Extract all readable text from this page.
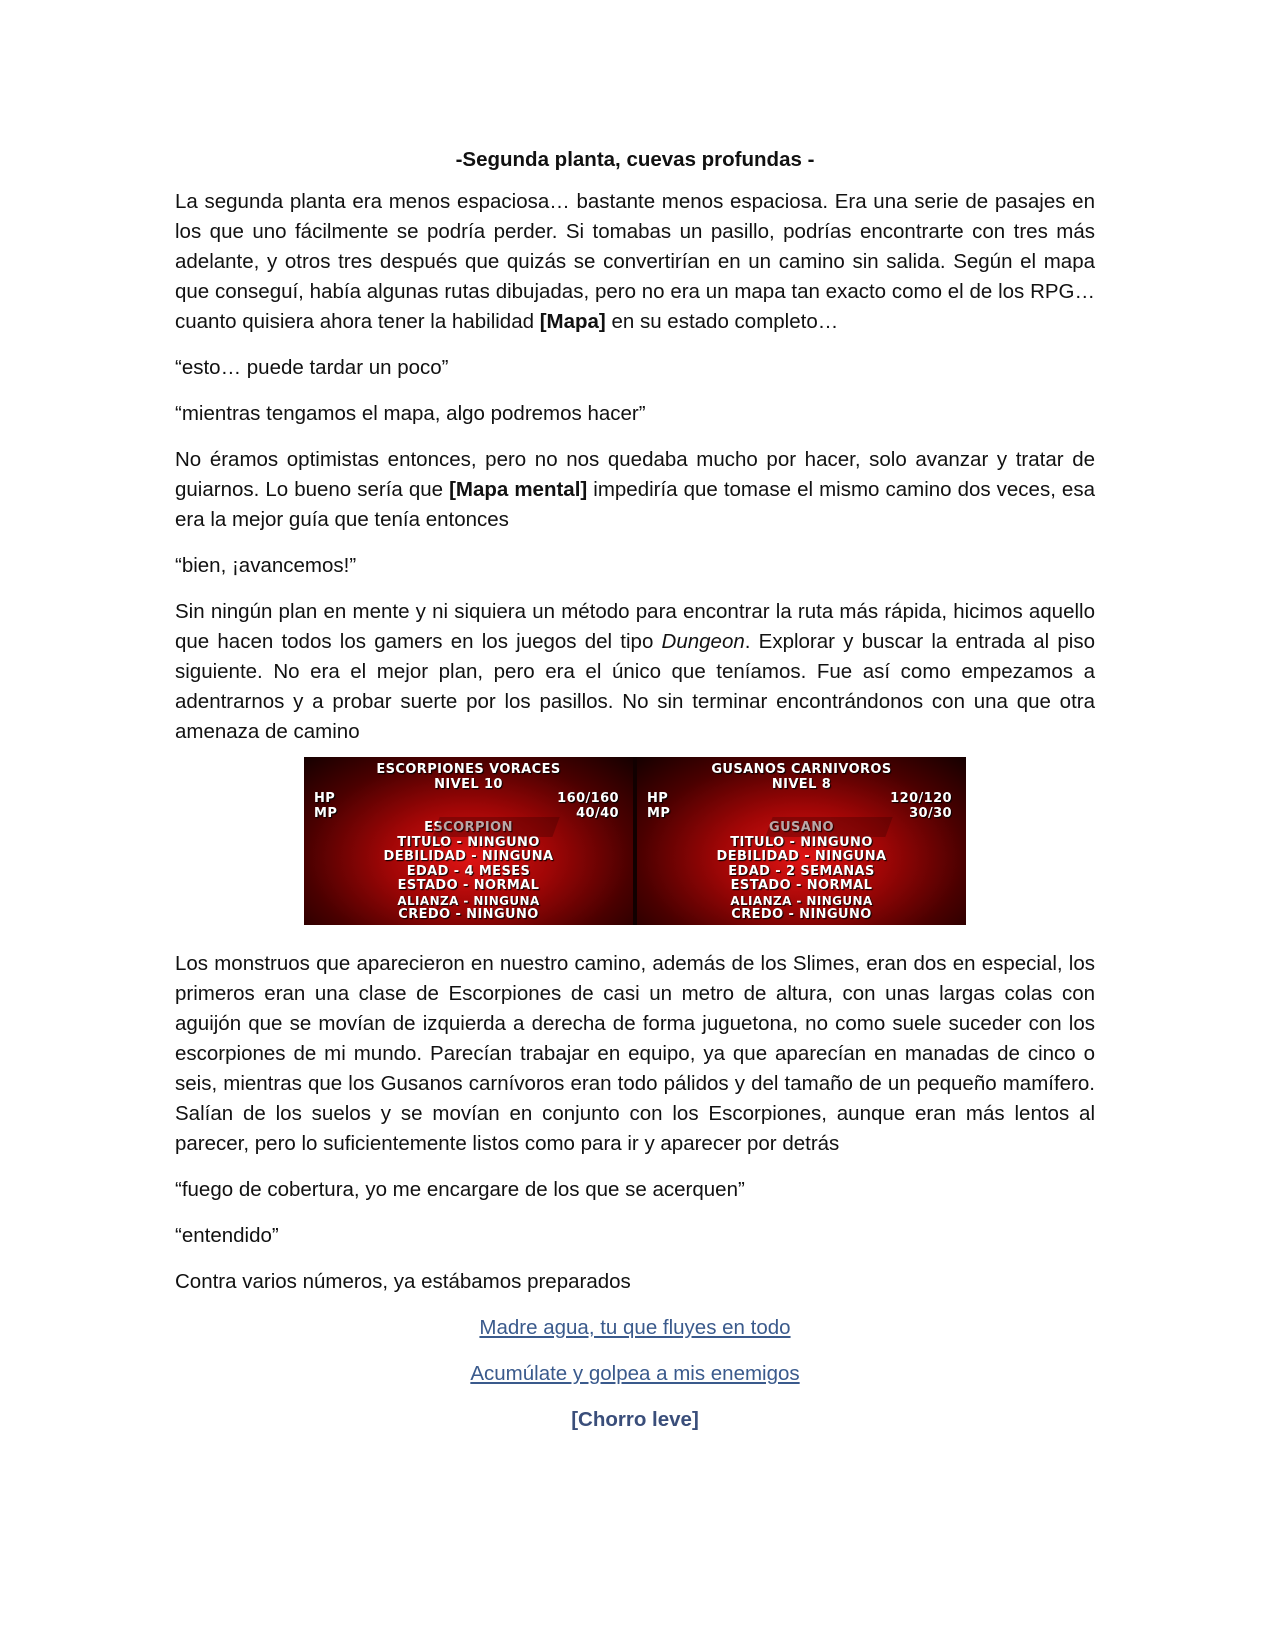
-Segunda planta, cuevas profundas -

La segunda planta era menos espaciosa… bastante menos espaciosa. Era una serie de pasajes en los que uno fácilmente se podría perder. Si tomabas un pasillo, podrías encontrarte con tres más adelante, y otros tres después que quizás se convertirían en un camino sin salida. Según el mapa que conseguí, había algunas rutas dibujadas, pero no era un mapa tan exacto como el de los RPG… cuanto quisiera ahora tener la habilidad [Mapa] en su estado completo…

“esto… puede tardar un poco”

“mientras tengamos el mapa, algo podremos hacer”

No éramos optimistas entonces, pero no nos quedaba mucho por hacer, solo avanzar y tratar de guiarnos. Lo bueno sería que [Mapa mental] impediría que tomase el mismo camino dos veces, esa era la mejor guía que tenía entonces

“bien, ¡avancemos!”

Sin ningún plan en mente y ni siquiera un método para encontrar la ruta más rápida, hicimos aquello que hacen todos los gamers en los juegos del tipo Dungeon. Explorar y buscar la entrada al piso siguiente. No era el mejor plan, pero era el único que teníamos. Fue así como empezamos a adentrarnos y a probar suerte por los pasillos. No sin terminar encontrándonos con una que otra amenaza de camino

ESCORPIONES VORACES
NIVEL 10
HP	160/160
MP	40/40
ESCORPION
TITULO - NINGUNO
DEBILIDAD - NINGUNA
EDAD - 4 MESES
ESTADO - NORMAL
ALIANZA - NINGUNA
CREDO - NINGUNO
GUSANOS CARNIVOROS
NIVEL 8
HP	120/120
MP	30/30
GUSANO
TITULO - NINGUNO
DEBILIDAD - NINGUNA
EDAD - 2 SEMANAS
ESTADO - NORMAL
ALIANZA - NINGUNA
CREDO - NINGUNO

Los monstruos que aparecieron en nuestro camino, además de los Slimes, eran dos en especial, los primeros eran una clase de Escorpiones de casi un metro de altura, con unas largas colas con aguijón que se movían de izquierda a derecha de forma juguetona, no como suele suceder con los escorpiones de mi mundo. Parecían trabajar en equipo, ya que aparecían en manadas de cinco o seis, mientras que los Gusanos carnívoros eran todo pálidos y del tamaño de un pequeño mamífero. Salían de los suelos y se movían en conjunto con los Escorpiones, aunque eran más lentos al parecer, pero lo suficientemente listos como para ir y aparecer por detrás

“fuego de cobertura, yo me encargare de los que se acerquen”

“entendido”

Contra varios números, ya estábamos preparados

Madre agua, tu que fluyes en todo

Acumúlate y golpea a mis enemigos

[Chorro leve]
